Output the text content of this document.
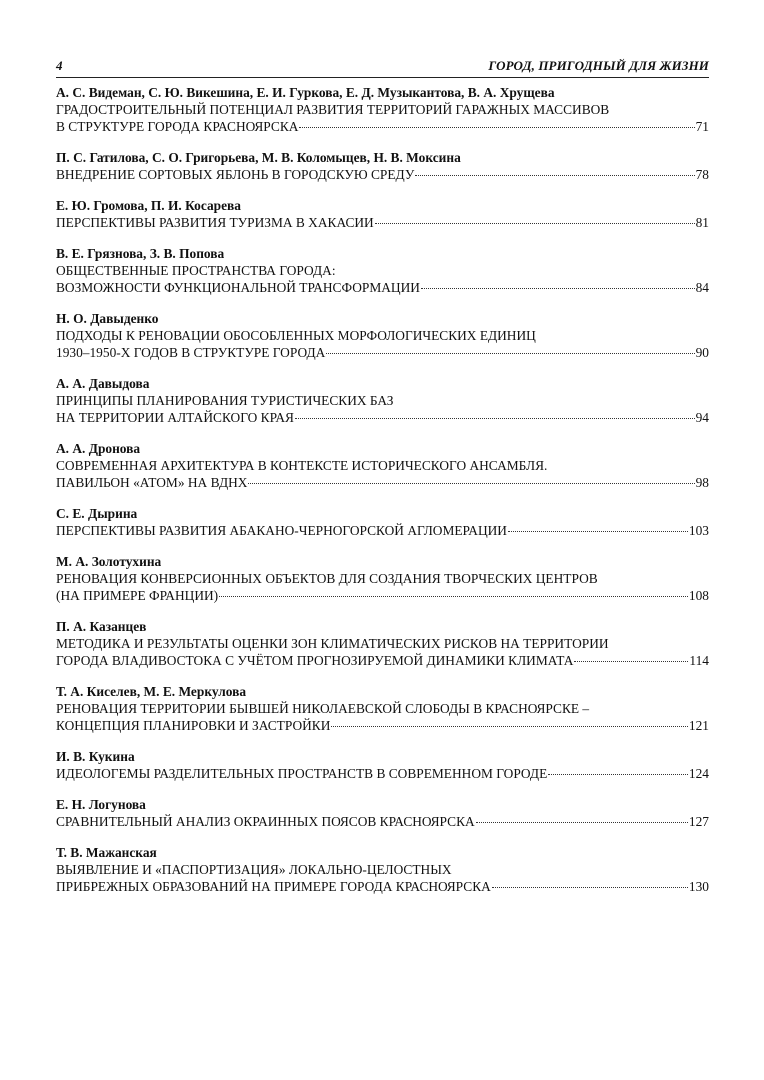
4	ГОРОД, ПРИГОДНЫЙ ДЛЯ ЖИЗНИ
А. С. Видеман, С. Ю. Викешина, Е. И. Гуркова, Е. Д. Музыкантова, В. А. Хрущева
ГРАДОСТРОИТЕЛЬНЫЙ ПОТЕНЦИАЛ РАЗВИТИЯ ТЕРРИТОРИЙ ГАРАЖНЫХ МАССИВОВ
В СТРУКТУРЕ ГОРОДА КРАСНОЯРСКА	71
П. С. Гатилова, С. О. Григорьева, М. В. Коломыцев, Н. В. Моксина
ВНЕДРЕНИЕ СОРТОВЫХ ЯБЛОНЬ В ГОРОДСКУЮ СРЕДУ	78
Е. Ю. Громова, П. И. Косарева
ПЕРСПЕКТИВЫ РАЗВИТИЯ ТУРИЗМА В ХАКАСИИ	81
В. Е. Грязнова, З. В. Попова
ОБЩЕСТВЕННЫЕ ПРОСТРАНСТВА ГОРОДА:
ВОЗМОЖНОСТИ ФУНКЦИОНАЛЬНОЙ ТРАНСФОРМАЦИИ	84
Н. О. Давыденко
ПОДХОДЫ К РЕНОВАЦИИ ОБОСОБЛЕННЫХ МОРФОЛОГИЧЕСКИХ ЕДИНИЦ
1930–1950-Х ГОДОВ В СТРУКТУРЕ ГОРОДА	90
А. А. Давыдова
ПРИНЦИПЫ ПЛАНИРОВАНИЯ ТУРИСТИЧЕСКИХ БАЗ
НА ТЕРРИТОРИИ АЛТАЙСКОГО КРАЯ	94
А. А. Дронова
СОВРЕМЕННАЯ АРХИТЕКТУРА В КОНТЕКСТЕ ИСТОРИЧЕСКОГО АНСАМБЛЯ.
ПАВИЛЬОН «АТОМ» НА ВДНХ	98
С. Е. Дырина
ПЕРСПЕКТИВЫ РАЗВИТИЯ АБАКАНО-ЧЕРНОГОРСКОЙ АГЛОМЕРАЦИИ	103
М. А. Золотухина
РЕНОВАЦИЯ КОНВЕРСИОННЫХ ОБЪЕКТОВ ДЛЯ СОЗДАНИЯ ТВОРЧЕСКИХ ЦЕНТРОВ
(НА ПРИМЕРЕ ФРАНЦИИ)	108
П. А. Казанцев
МЕТОДИКА И РЕЗУЛЬТАТЫ ОЦЕНКИ ЗОН КЛИМАТИЧЕСКИХ РИСКОВ НА ТЕРРИТОРИИ
ГОРОДА ВЛАДИВОСТОКА С УЧЁТОМ ПРОГНОЗИРУЕМОЙ ДИНАМИКИ КЛИМАТА	114
Т. А. Киселев, М. Е. Меркулова
РЕНОВАЦИЯ ТЕРРИТОРИИ БЫВШЕЙ НИКОЛАЕВСКОЙ СЛОБОДЫ В КРАСНОЯРСКЕ –
КОНЦЕПЦИЯ ПЛАНИРОВКИ И ЗАСТРОЙКИ	121
И. В. Кукина
ИДЕОЛОГЕМЫ РАЗДЕЛИТЕЛЬНЫХ ПРОСТРАНСТВ В СОВРЕМЕННОМ ГОРОДЕ	124
Е. Н. Логунова
СРАВНИТЕЛЬНЫЙ АНАЛИЗ ОКРАИННЫХ ПОЯСОВ КРАСНОЯРСКА	127
Т. В. Мажанская
ВЫЯВЛЕНИЕ И «ПАСПОРТИЗАЦИЯ» ЛОКАЛЬНО-ЦЕЛОСТНЫХ
ПРИБРЕЖНЫХ ОБРАЗОВАНИЙ НА ПРИМЕРЕ ГОРОДА КРАСНОЯРСКА	130
